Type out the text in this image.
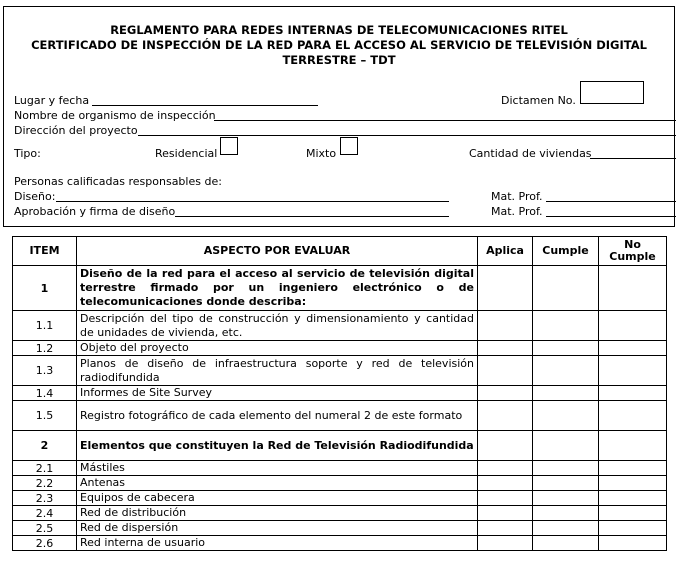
REGLAMENTO PARA REDES INTERNAS DE TELECOMUNICACIONES RITEL
CERTIFICADO DE INSPECCIÓN DE LA RED PARA EL ACCESO AL SERVICIO DE TELEVISIÓN DIGITAL
TERRESTRE – TDT
Lugar y fecha	Dictamen No.
Nombre de organismo de inspección
Dirección del proyecto
Tipo:	Residencial	Mixto	Cantidad de viviendas
Personas calificadas responsables de:
Diseño:	Mat. Prof.
Aprobación y firma de diseño	Mat. Prof.
ITEM	ASPECTO POR EVALUAR	Aplica	Cumple	No Cumple
1	Diseño de la red para el acceso al servicio de televisión digital terrestre firmado por un ingeniero electrónico o de telecomunicaciones donde describa:			
1.1	Descripción del tipo de construcción y dimensionamiento y cantidad de unidades de vivienda, etc.			
1.2	Objeto del proyecto			
1.3	Planos de diseño de infraestructura soporte y red de televisión radiodifundida			
1.4	Informes de Site Survey			
1.5	Registro fotográfico de cada elemento del numeral 2 de este formato			
2	Elementos que constituyen la Red de Televisión Radiodifundida			
2.1	Mástiles			
2.2	Antenas			
2.3	Equipos de cabecera			
2.4	Red de distribución			
2.5	Red de dispersión			
2.6	Red interna de usuario			
